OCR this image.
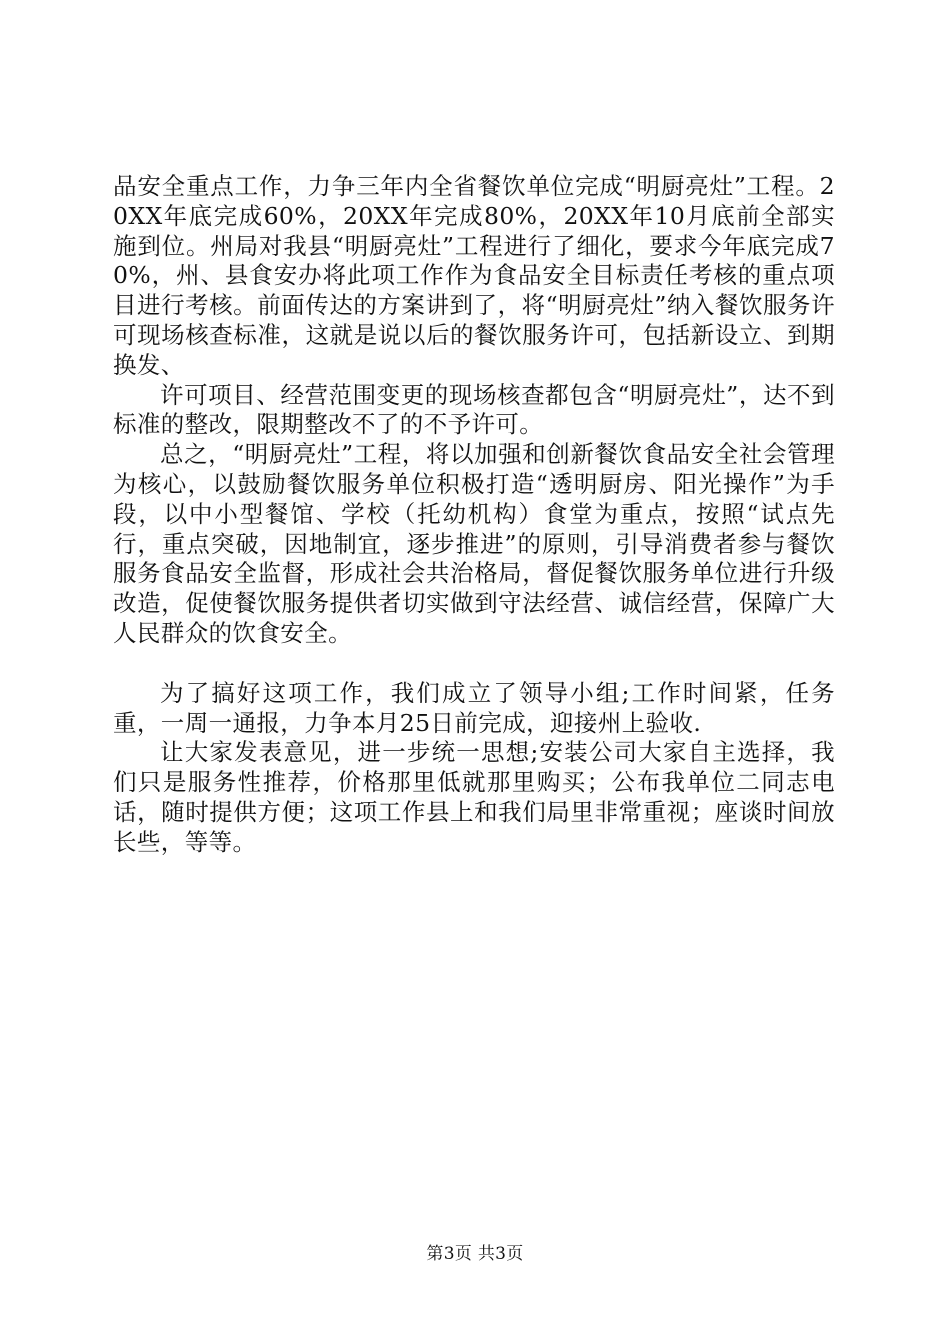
品安全重点工作，力争三年内全省餐饮单位完成“明厨亮灶”工程。20XX年底完成60%，20XX年完成80%，20XX年10月底前全部实施到位。州局对我县“明厨亮灶”工程进行了细化，要求今年底完成70%，州、县食安办将此项工作作为食品安全目标责任考核的重点项目进行考核。前面传达的方案讲到了，将“明厨亮灶”纳入餐饮服务许可现场核查标准，这就是说以后的餐饮服务许可，包括新设立、到期换发、

许可项目、经营范围变更的现场核查都包含“明厨亮灶”，达不到标准的整改，限期整改不了的不予许可。

总之，“明厨亮灶”工程，将以加强和创新餐饮食品安全社会管理为核心，以鼓励餐饮服务单位积极打造“透明厨房、阳光操作”为手段，以中小型餐馆、学校（托幼机构）食堂为重点，按照“试点先行，重点突破，因地制宜，逐步推进”的原则，引导消费者参与餐饮服务食品安全监督，形成社会共治格局，督促餐饮服务单位进行升级改造，促使餐饮服务提供者切实做到守法经营、诚信经营，保障广大人民群众的饮食安全。

为了搞好这项工作，我们成立了领导小组;工作时间紧，任务重，一周一通报，力争本月25日前完成，迎接州上验收.

让大家发表意见，进一步统一思想;安装公司大家自主选择，我们只是服务性推荐，价格那里低就那里购买；公布我单位二同志电话，随时提供方便；这项工作县上和我们局里非常重视；座谈时间放长些，等等。

第3页 共3页
